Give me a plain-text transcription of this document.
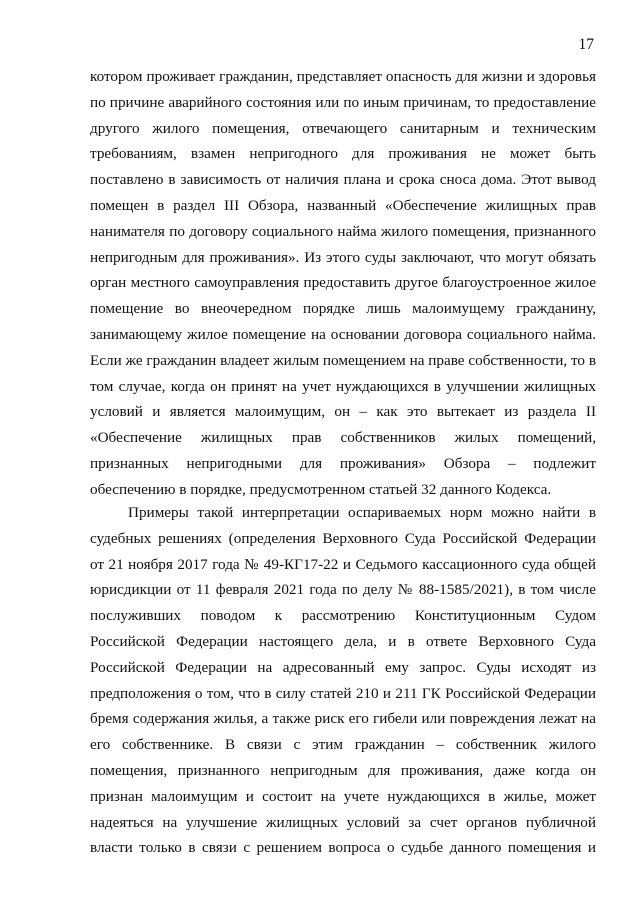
17
котором проживает гражданин, представляет опасность для жизни и здоровья
по причине аварийного состояния или по иным причинам, то предоставление
другого жилого помещения, отвечающего санитарным и техническим
требованиям, взамен непригодного для проживания не может быть
поставлено в зависимость от наличия плана и срока сноса дома. Этот вывод
помещен в раздел III Обзора, названный «Обеспечение жилищных прав
нанимателя по договору социального найма жилого помещения, признанного
непригодным для проживания». Из этого суды заключают, что могут обязать
орган местного самоуправления предоставить другое благоустроенное жилое
помещение во внеочередном порядке лишь малоимущему гражданину,
занимающему жилое помещение на основании договора социального найма.
Если же гражданин владеет жилым помещением на праве собственности, то в
том случае, когда он принят на учет нуждающихся в улучшении жилищных
условий и является малоимущим, он – как это вытекает из раздела II
«Обеспечение жилищных прав собственников жилых помещений,
признанных непригодными для проживания» Обзора – подлежит
обеспечению в порядке, предусмотренном статьей 32 данного Кодекса.
Примеры такой интерпретации оспариваемых норм можно найти в
судебных решениях (определения Верховного Суда Российской Федерации
от 21 ноября 2017 года № 49-КГ17-22 и Седьмого кассационного суда общей
юрисдикции от 11 февраля 2021 года по делу № 88-1585/2021), в том числе
послуживших поводом к рассмотрению Конституционным Судом
Российской Федерации настоящего дела, и в ответе Верховного Суда
Российской Федерации на адресованный ему запрос. Суды исходят из
предположения о том, что в силу статей 210 и 211 ГК Российской Федерации
бремя содержания жилья, а также риск его гибели или повреждения лежат на
его собственнике. В связи с этим гражданин – собственник жилого
помещения, признанного непригодным для проживания, даже когда он
признан малоимущим и состоит на учете нуждающихся в жилье, может
надеяться на улучшение жилищных условий за счет органов публичной
власти только в связи с решением вопроса о судьбе данного помещения и
